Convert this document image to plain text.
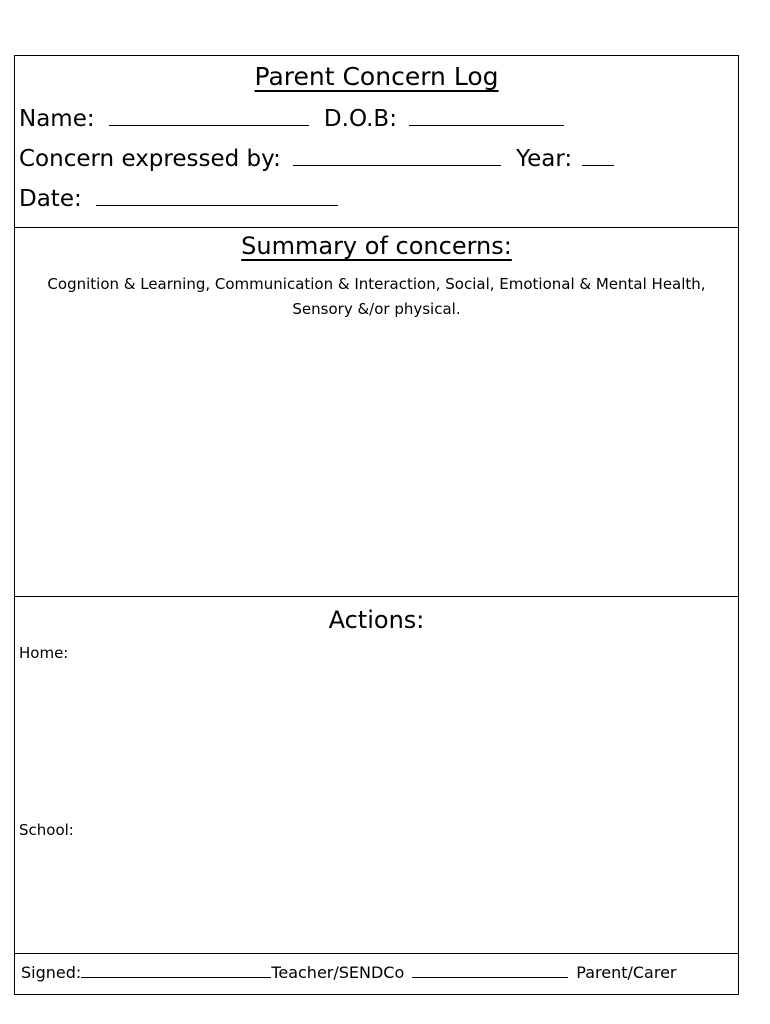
Parent Concern Log
Name:	D.O.B:
Concern expressed by:	Year:
Date:
Summary of concerns:
Cognition & Learning, Communication & Interaction, Social, Emotional & Mental Health, Sensory &/or physical.
Actions:
Home:
School:
Signed:	Teacher/SENDCo	Parent/Carer
